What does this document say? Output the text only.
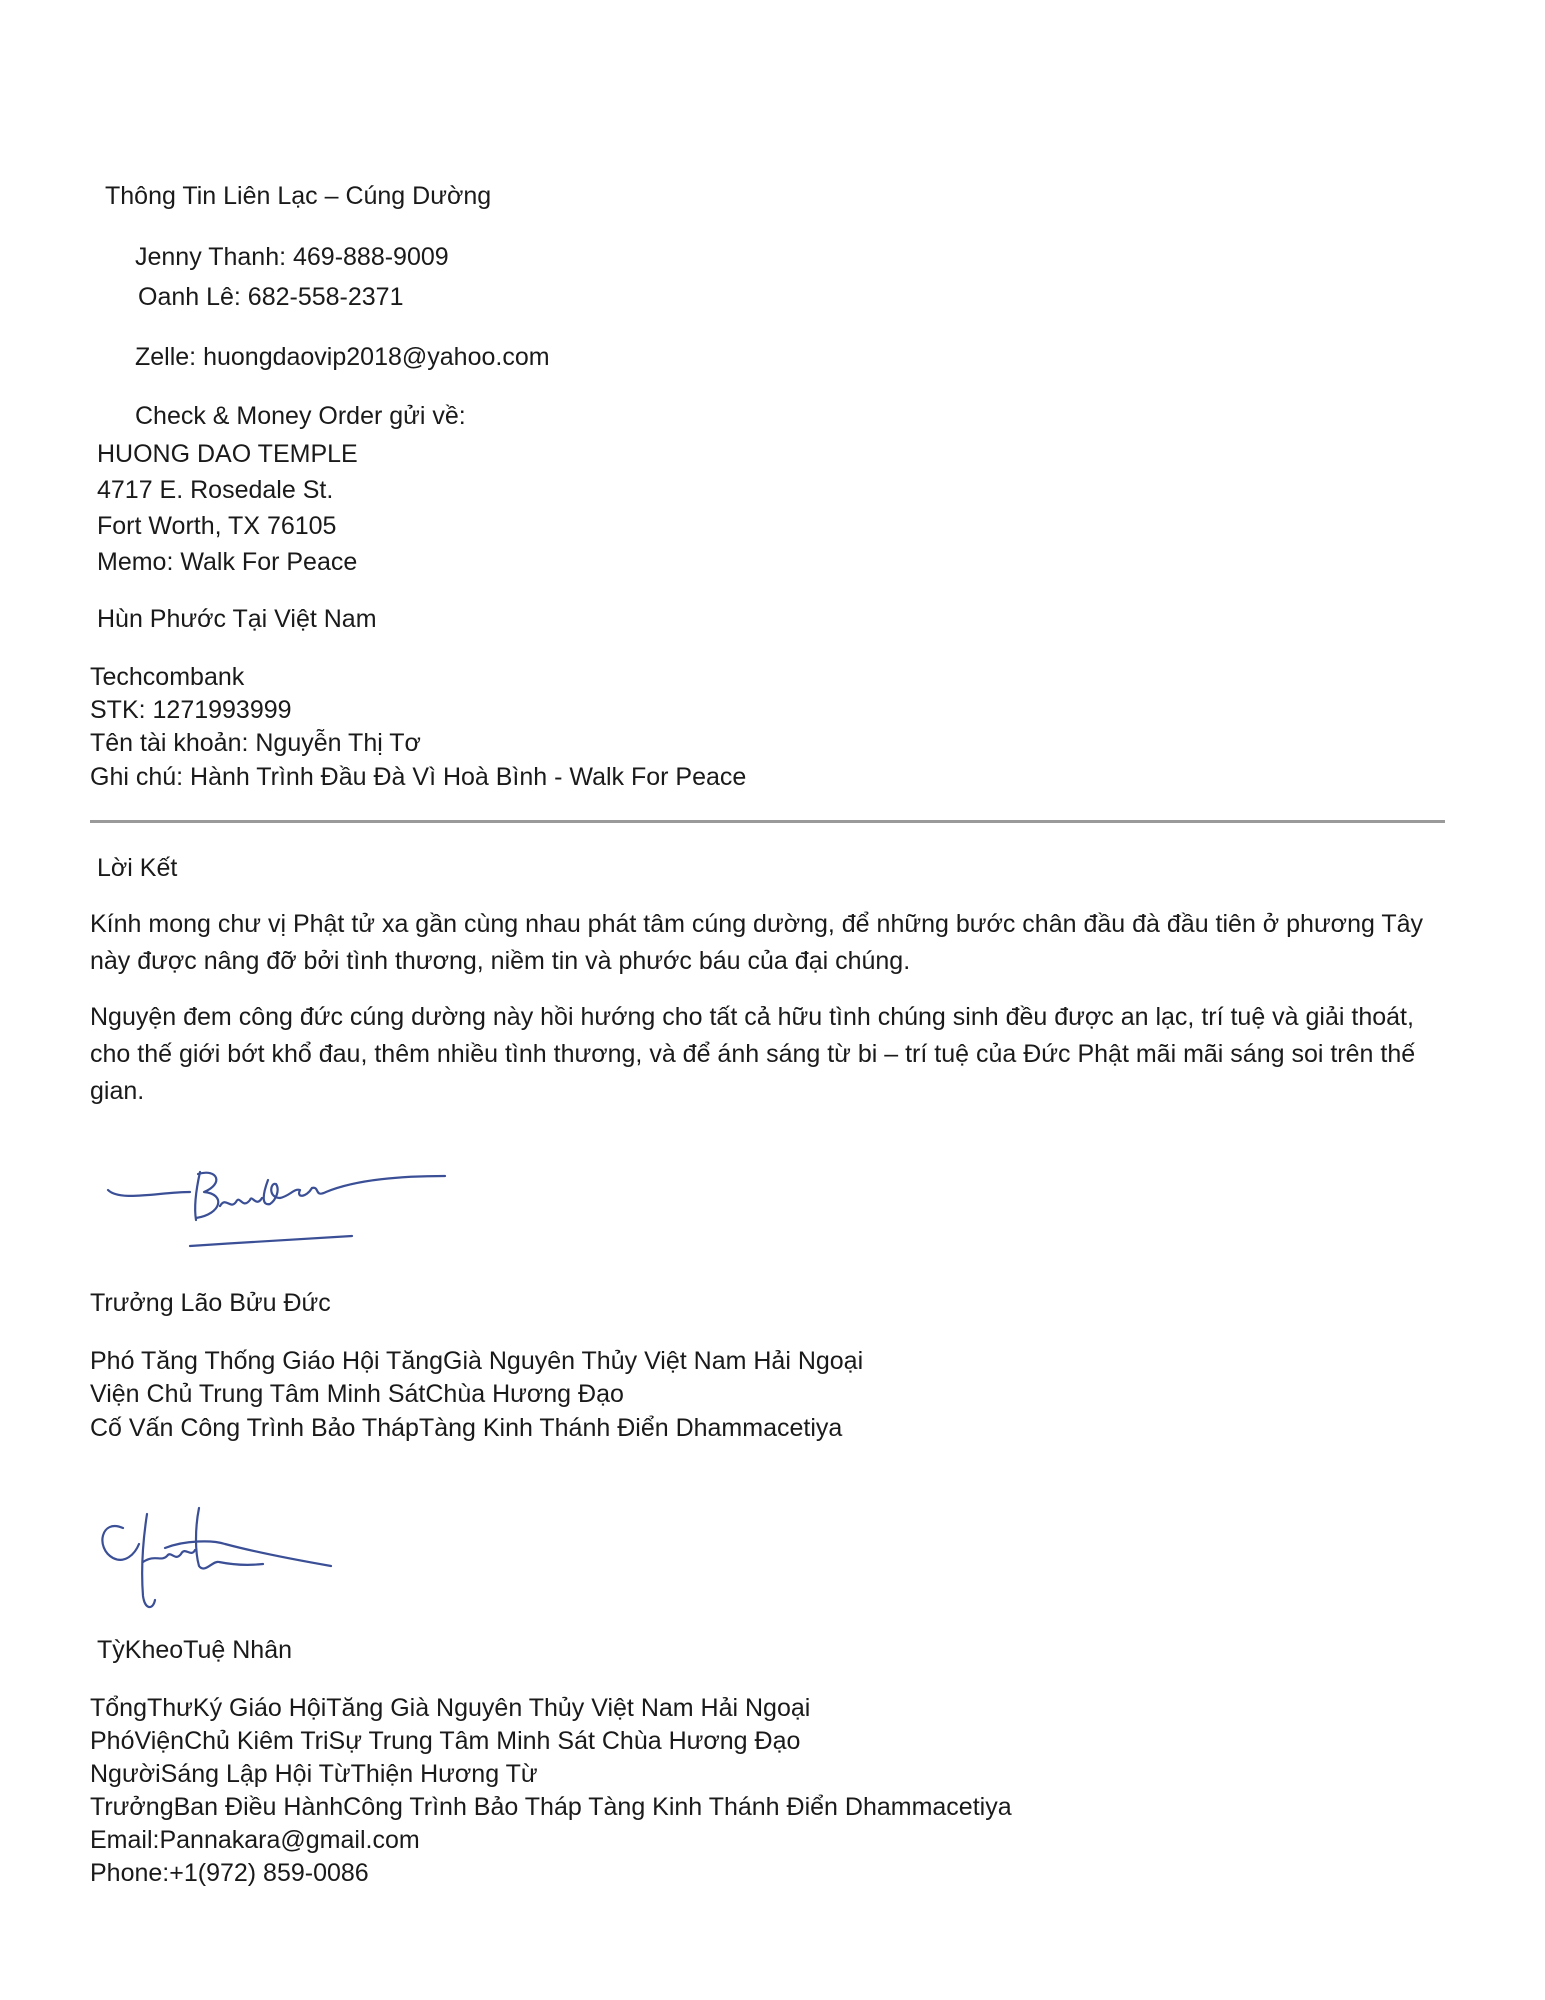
Thông Tin Liên Lạc – Cúng Dường

Jenny Thanh: 469-888-9009

Oanh Lê: 682-558-2371

Zelle: huongdaovip2018@yahoo.com

Check & Money Order gửi về:

HUONG DAO TEMPLE

4717 E. Rosedale St.

Fort Worth, TX 76105

Memo: Walk For Peace

Hùn Phước Tại Việt Nam

Techcombank

STK: 1271993999

Tên tài khoản: Nguyễn Thị Tơ

Ghi chú: Hành Trình Đầu Đà Vì Hoà Bình - Walk For Peace

Lời Kết

Kính mong chư vị Phật tử xa gần cùng nhau phát tâm cúng dường, để những bước chân đầu đà đầu tiên ở phương Tây này được nâng đỡ bởi tình thương, niềm tin và phước báu của đại chúng.

Nguyện đem công đức cúng dường này hồi hướng cho tất cả hữu tình chúng sinh đều được an lạc, trí tuệ và giải thoát, cho thế giới bớt khổ đau, thêm nhiều tình thương, và để ánh sáng từ bi – trí tuệ của Đức Phật mãi mãi sáng soi trên thế gian.

Trưởng Lão Bửu Đức

Phó Tăng Thống Giáo Hội TăngGià Nguyên Thủy Việt Nam Hải Ngoại

Viện Chủ Trung Tâm Minh SátChùa Hương Đạo

Cố Vấn Công Trình Bảo ThápTàng Kinh Thánh Điển Dhammacetiya

TỳKheoTuệ Nhân

TổngThưKý Giáo HộiTăng Già Nguyên Thủy Việt Nam Hải Ngoại

PhóViệnChủ Kiêm TriSự Trung Tâm Minh Sát Chùa Hương Đạo

NgườiSáng Lập Hội TừThiện Hương Từ

TrưởngBan Điều HànhCông Trình Bảo Tháp Tàng Kinh Thánh Điển Dhammacetiya

Email:Pannakara@gmail.com

Phone:+1(972) 859-0086
